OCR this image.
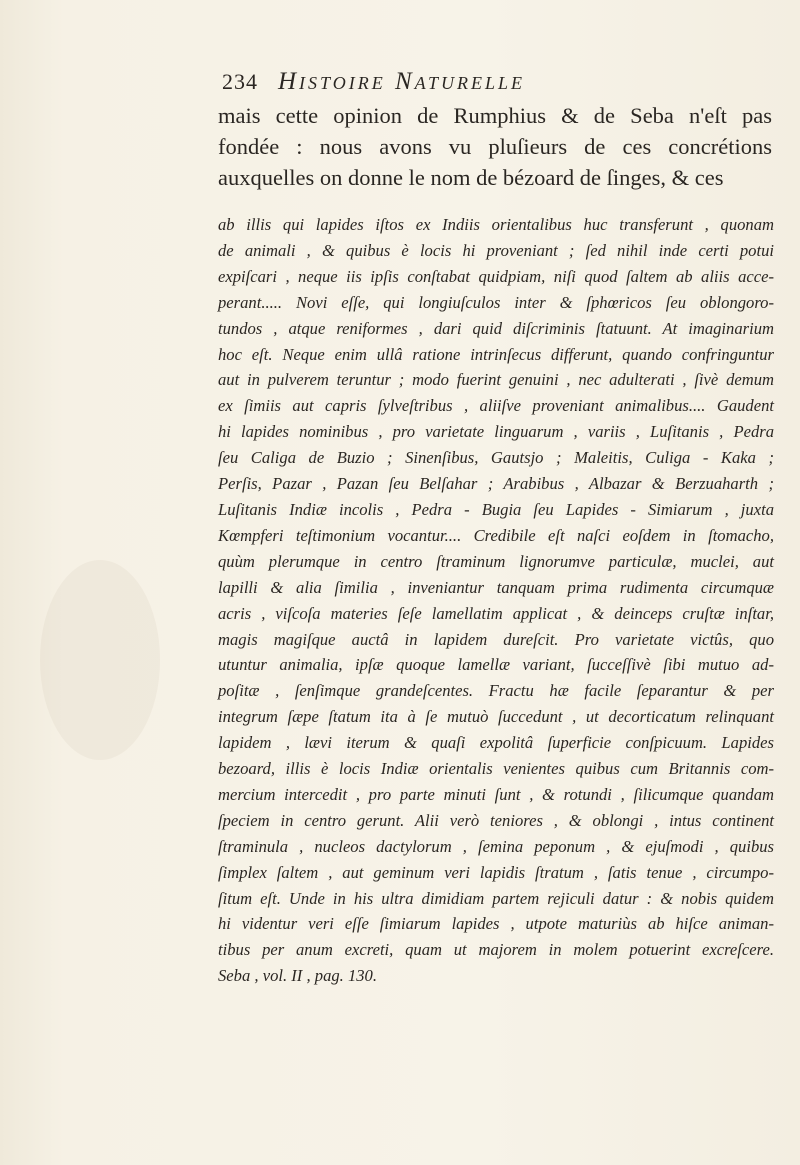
234 Histoire Naturelle
mais cette opinion de Rumphius & de Seba n'eſt pas
fondée : nous avons vu pluſieurs de ces concrétions
auxquelles on donne le nom de bézoard de ſinges, & ces
ab illis qui lapides iſtos ex Indiis orientalibus huc transferunt , quonam
de animali , & quibus è locis hi proveniant ; ſed nihil inde certi potui
expiſcari , neque iis ipſis conſtabat quidpiam, niſi quod ſaltem ab aliis acce-
perant..... Novi eſſe, qui longiuſculos inter & ſphœricos ſeu oblongoro-
tundos , atque reniformes , dari quid diſcriminis ſtatuunt. At imaginarium
hoc eſt. Neque enim ullâ ratione intrinſecus differunt, quando confringuntur
aut in pulverem teruntur ; modo fuerint genuini , nec adulterati , ſivè demum
ex ſimiis aut capris ſylveſtribus , aliiſve proveniant animalibus.... Gaudent
hi lapides nominibus , pro varietate linguarum , variis , Luſitanis , Pedra
ſeu Caliga de Buzio ; Sinenſibus, Gautsjo ; Maleitis, Culiga - Kaka ;
Perſis, Pazar , Pazan ſeu Belſahar ; Arabibus , Albazar & Berzuaharth ;
Luſitanis Indiæ incolis , Pedra - Bugia ſeu Lapides - Simiarum , juxta
Kœmpferi teſtimonium vocantur.... Credibile eſt naſci eoſdem in ſtomacho,
quùm plerumque in centro ſtraminum lignorumve particulæ, muclei, aut
lapilli & alia ſimilia , inveniantur tanquam prima rudimenta circumquæ
acris , viſcoſa materies ſeſe lamellatim applicat , & deinceps cruſtæ inſtar,
magis magiſque auctâ in lapidem dureſcit. Pro varietate victûs, quo
utuntur animalia, ipſæ quoque lamellæ variant, ſucceſſivè ſibi mutuo ad-
poſitæ , ſenſimque grandeſcentes. Fractu hæ facile ſeparantur & per
integrum ſæpe ſtatum ita à ſe mutuò ſuccedunt , ut decorticatum relinquant
lapidem , lævi iterum & quaſi expolitâ ſuperficie conſpicuum. Lapides
bezoard, illis è locis Indiæ orientalis venientes quibus cum Britannis com-
mercium intercedit , pro parte minuti ſunt , & rotundi , ſilicumque quandam
ſpeciem in centro gerunt. Alii verò teniores , & oblongi , intus continent
ſtraminula , nucleos dactylorum , ſemina peponum , & ejuſmodi , quibus
ſimplex ſaltem , aut geminum veri lapidis ſtratum , ſatis tenue , circumpo-
ſitum eſt. Unde in his ultra dimidiam partem rejiculi datur : & nobis quidem
hi videntur veri eſſe ſimiarum lapides , utpote maturiùs ab hiſce animan-
tibus per anum excreti, quam ut majorem in molem potuerint excreſcere.
Seba , vol. II , pag. 130.
